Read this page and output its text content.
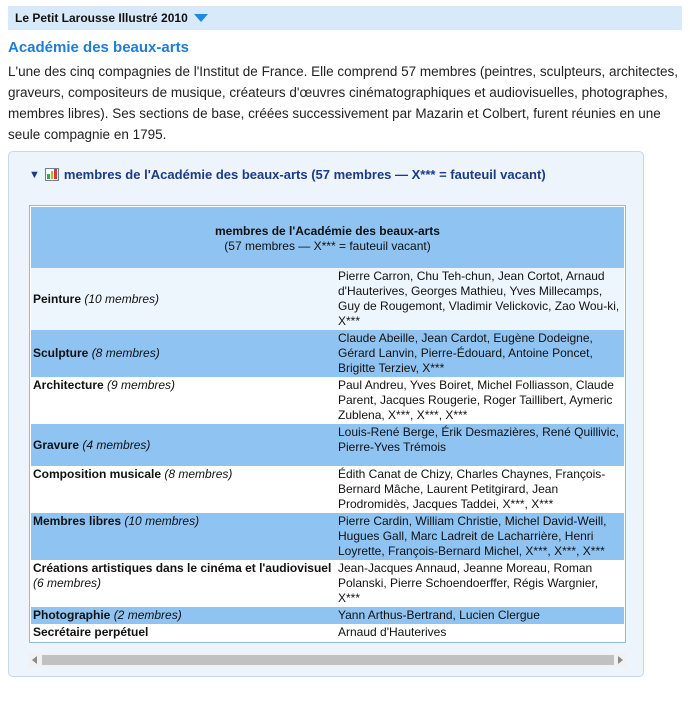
Le Petit Larousse Illustré 2010
Académie des beaux-arts
L'une des cinq compagnies de l'Institut de France. Elle comprend 57 membres (peintres, sculpteurs, architectes, graveurs, compositeurs de musique, créateurs d'œuvres cinématographiques et audiovisuelles, photographes, membres libres). Ses sections de base, créées successivement par Mazarin et Colbert, furent réunies en une seule compagnie en 1795.
▼ membres de l'Académie des beaux-arts (57 membres — X*** = fauteuil vacant)
membres de l'Académie des beaux-arts
(57 membres — X*** = fauteuil vacant)	

Peinture (10 membres)	Pierre Carron, Chu Teh-chun, Jean Cortot, Arnaud d'Hauterives, Georges Mathieu, Yves Millecamps, Guy de Rougemont, Vladimir Velickovic, Zao Wou-ki, X***
Sculpture (8 membres)	Claude Abeille, Jean Cardot, Eugène Dodeigne, Gérard Lanvin, Pierre-Édouard, Antoine Poncet, Brigitte Terziev, X***
Architecture (9 membres)	Paul Andreu, Yves Boiret, Michel Folliasson, Claude Parent, Jacques Rougerie, Roger Taillibert, Aymeric Zublena, X***, X***, X***
Gravure (4 membres)	Louis-René Berge, Érik Desmazières, René Quillivic, Pierre-Yves Trémois
Composition musicale (8 membres)	Édith Canat de Chizy, Charles Chaynes, François-Bernard Mâche, Laurent Petitgirard, Jean Prodromidès, Jacques Taddei, X***, X***
Membres libres (10 membres)	Pierre Cardin, William Christie, Michel David-Weill, Hugues Gall, Marc Ladreit de Lacharrière, Henri Loyrette, François-Bernard Michel, X***, X***, X***
Créations artistiques dans le cinéma et l'audiovisuel (6 membres)	Jean-Jacques Annaud, Jeanne Moreau, Roman Polanski, Pierre Schoendoerffer, Régis Wargnier, X***
Photographie (2 membres)	Yann Arthus-Bertrand, Lucien Clergue
Secrétaire perpétuel	Arnaud d'Hauterives
